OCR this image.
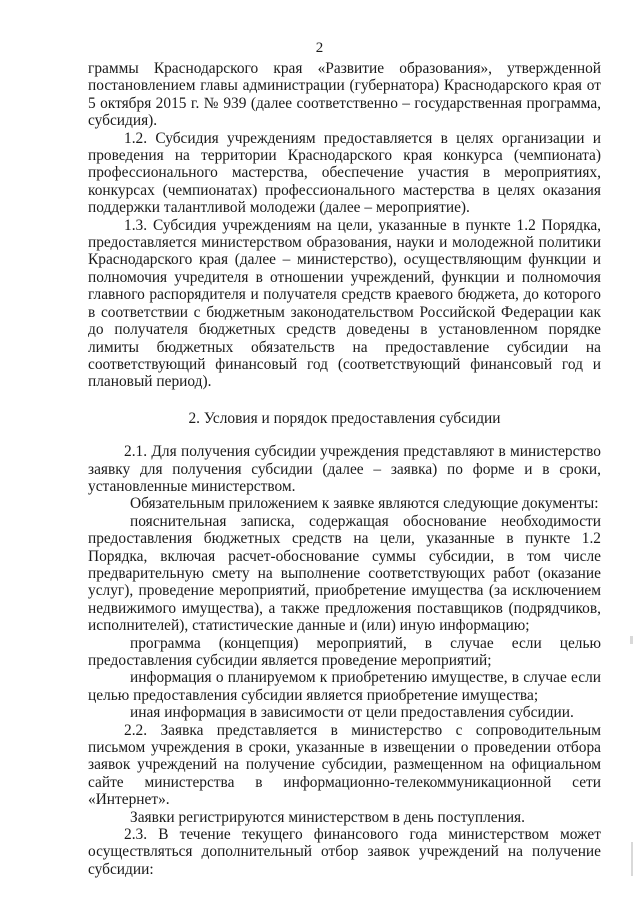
2

граммы Краснодарского края «Развитие образования», утвержденной постановлением главы администрации (губернатора) Краснодарского края от 5 октября 2015 г. № 939 (далее соответственно – государственная программа, субсидия).

1.2. Субсидия учреждениям предоставляется в целях организации и проведения на территории Краснодарского края конкурса (чемпионата) профессионального мастерства, обеспечение участия в мероприятиях, конкурсах (чемпионатах) профессионального мастерства в целях оказания поддержки талантливой молодежи (далее – мероприятие).

1.3. Субсидия учреждениям на цели, указанные в пункте 1.2 Порядка, предоставляется министерством образования, науки и молодежной политики Краснодарского края (далее – министерство), осуществляющим функции и полномочия учредителя в отношении учреждений, функции и полномочия главного распорядителя и получателя средств краевого бюджета, до которого в соответствии с бюджетным законодательством Российской Федерации как до получателя бюджетных средств доведены в установленном порядке лимиты бюджетных обязательств на предоставление субсидии на соответствующий финансовый год (соответствующий финансовый год и плановый период).

2. Условия и порядок предоставления субсидии

2.1. Для получения субсидии учреждения представляют в министерство заявку для получения субсидии (далее – заявка) по форме и в сроки, установленные министерством.

Обязательным приложением к заявке являются следующие документы:

пояснительная записка, содержащая обоснование необходимости предоставления бюджетных средств на цели, указанные в пункте 1.2 Порядка, включая расчет-обоснование суммы субсидии, в том числе предварительную смету на выполнение соответствующих работ (оказание услуг), проведение мероприятий, приобретение имущества (за исключением недвижимого имущества), а также предложения поставщиков (подрядчиков, исполнителей), статистические данные и (или) иную информацию;

программа (концепция) мероприятий, в случае если целью предоставления субсидии является проведение мероприятий;

информация о планируемом к приобретению имуществе, в случае если целью предоставления субсидии является приобретение имущества;

иная информация в зависимости от цели предоставления субсидии.

2.2. Заявка представляется в министерство с сопроводительным письмом учреждения в сроки, указанные в извещении о проведении отбора заявок учреждений на получение субсидии, размещенном на официальном сайте министерства в информационно-телекоммуникационной сети «Интернет».

Заявки регистрируются министерством в день поступления.

2.3. В течение текущего финансового года министерством может осуществляться дополнительный отбор заявок учреждений на получение субсидии:
